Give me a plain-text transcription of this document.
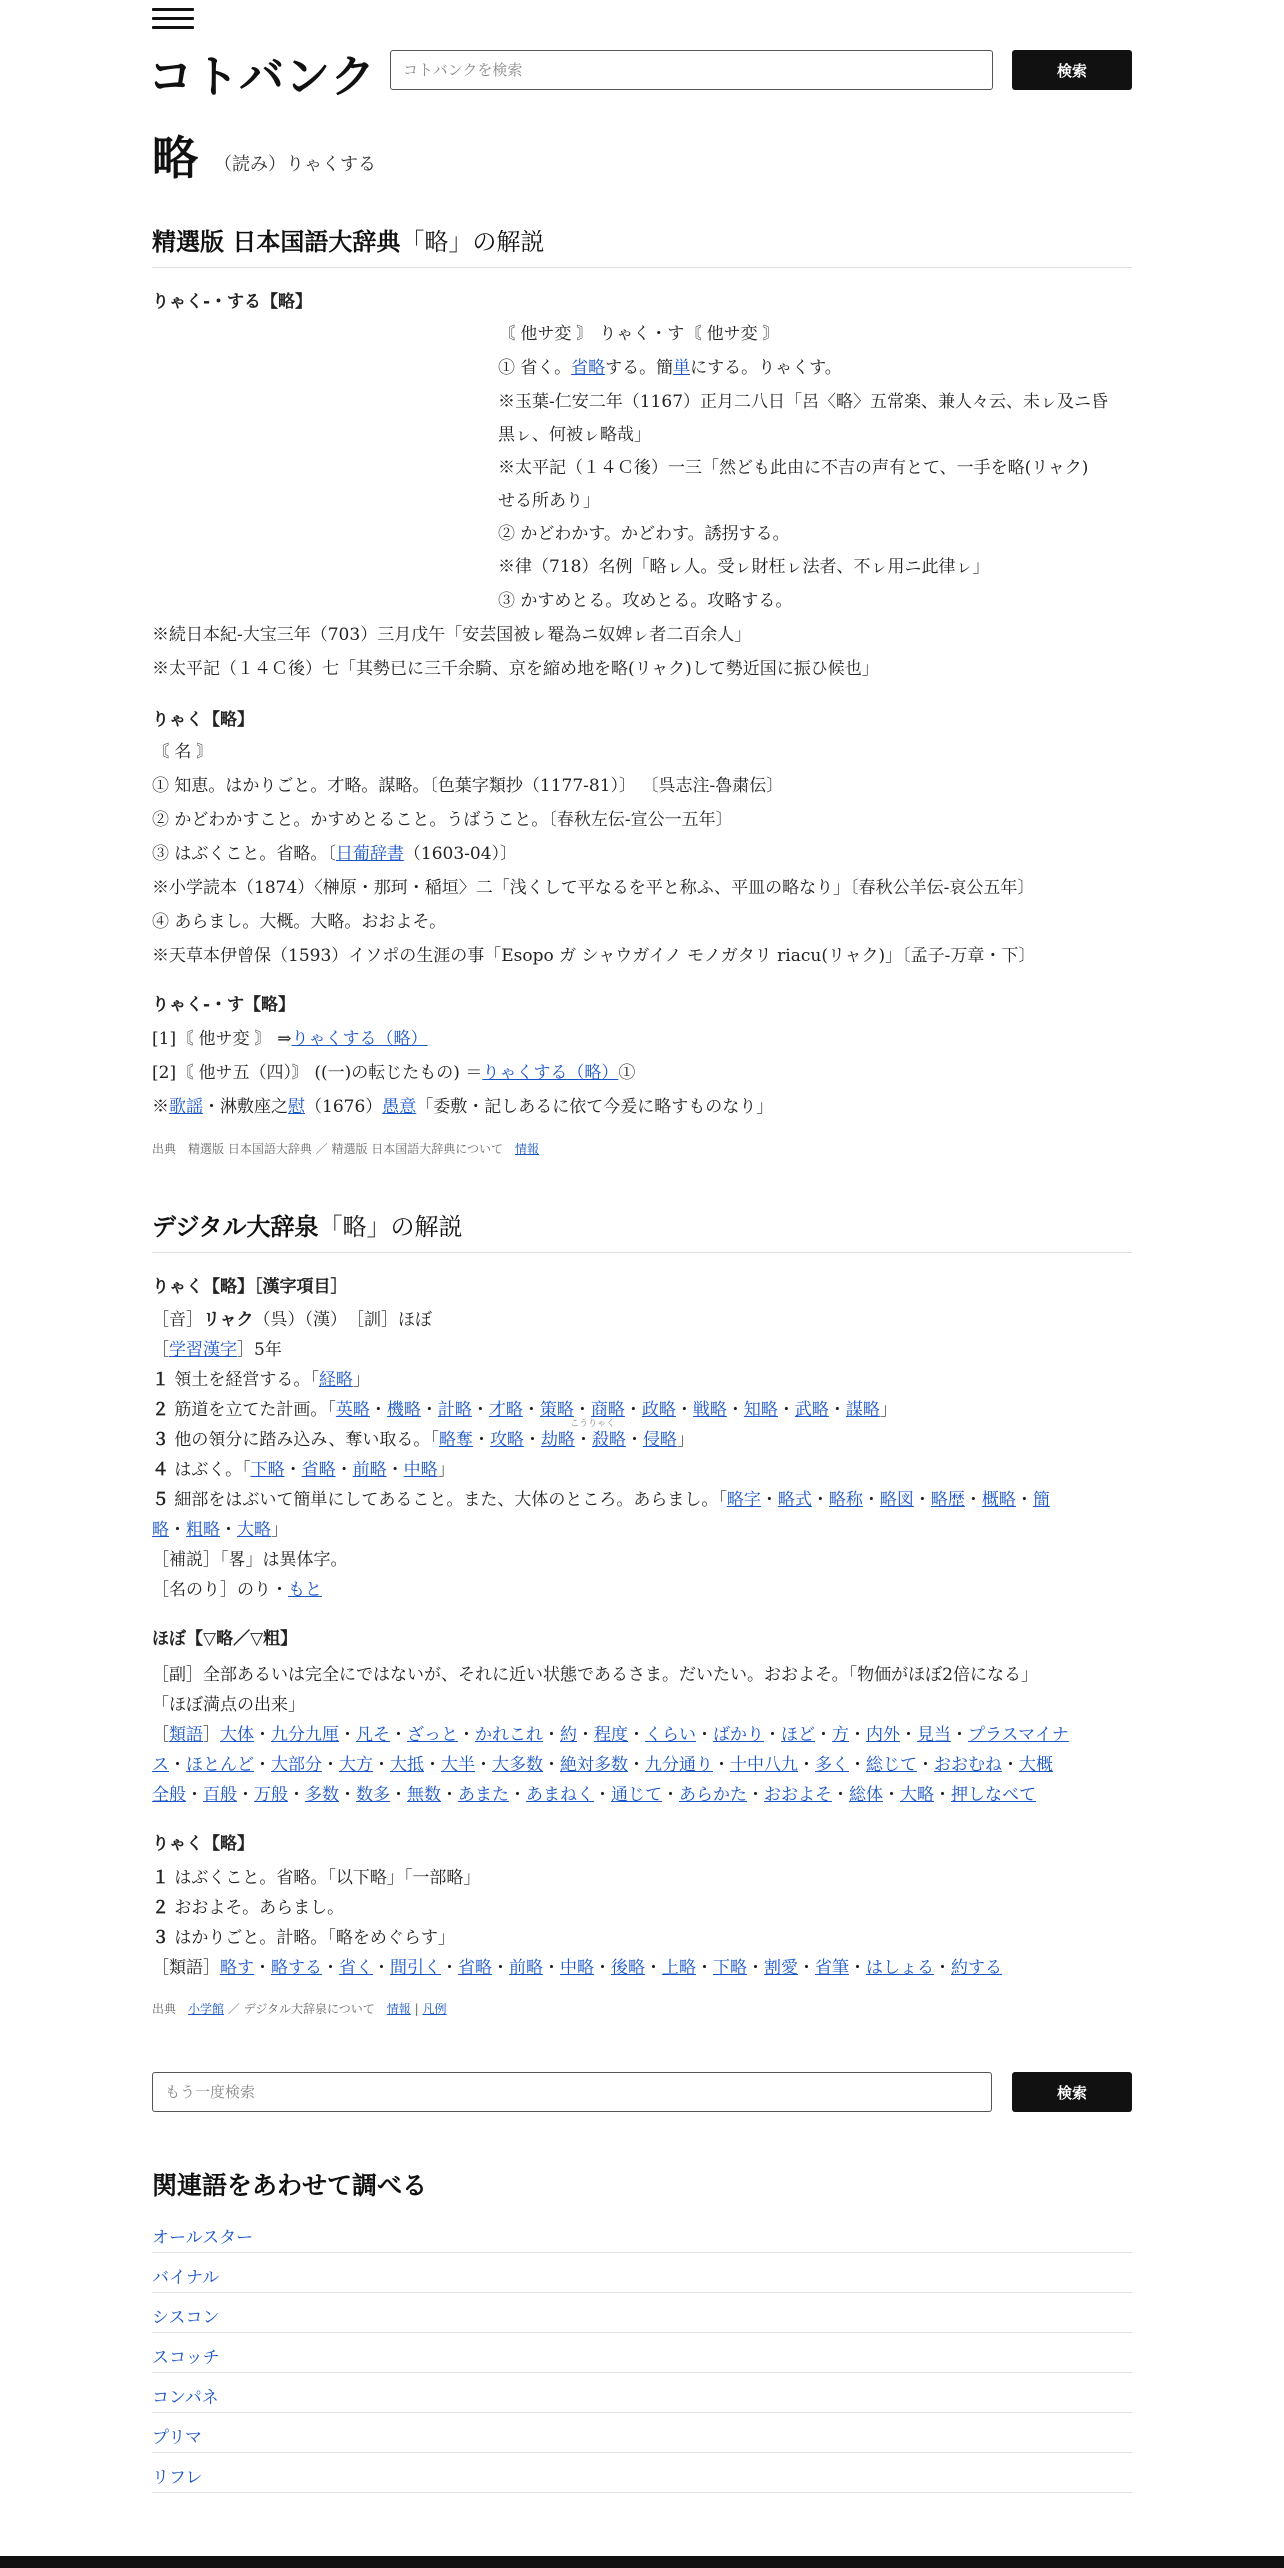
コトバンク
コトバンクを検索	検索
略 （読み）りゃくする
精選版 日本国語大辞典「略」の解説
りゃく‐・する【略】
〘 他サ変 〙 りゃく・す〘 他サ変 〙
① 省く。省略する。簡単にする。りゃくす。
※玉葉‐仁安二年（1167）正月二八日「呂〈略〉五常楽、兼人々云、未ㇾ及ニ昏
黒ㇾ、何被ㇾ略哉」
※太平記（１４Ｃ後）一三「然ども此由に不吉の声有とて、一手を略(リャク)
せる所あり」
② かどわかす。かどわす。誘拐する。
※律（718）名例「略ㇾ人。受ㇾ財枉ㇾ法者、不ㇾ用ニ此律ㇾ」
③ かすめとる。攻めとる。攻略する。
※続日本紀‐大宝三年（703）三月戊午「安芸国被ㇾ罨為ニ奴婢ㇾ者二百余人」
※太平記（１４Ｃ後）七「其勢已に三千余騎、京を縮め地を略(リャク)して勢近国に振ひ候也」
りゃく【略】
〘 名 〙
① 知恵。はかりごと。才略。謀略。〔色葉字類抄（1177‐81）〕 〔呉志注‐魯粛伝〕
② かどわかすこと。かすめとること。うばうこと。〔春秋左伝‐宣公一五年〕
③ はぶくこと。省略。〔日葡辞書（1603‐04）〕
※小学読本（1874）〈榊原・那珂・稲垣〉二「浅くして平なるを平と称ふ、平皿の略なり」〔春秋公羊伝‐哀公五年〕
④ あらまし。大概。大略。おおよそ。
※天草本伊曾保（1593）イソポの生涯の事「Esopo ガ シャウガイノ モノガタリ riacu(リャク)」〔孟子‐万章・下〕
りゃく‐・す【略】
[1]〘 他サ変 〙 ⇒りゃくする（略）
[2]〘 他サ五（四）〙 ((一)の転じたもの) ＝りゃくする（略）①
※歌謡・淋敷座之慰（1676）愚意「委敷・記しあるに依て今爰に略すものなり」
出典　精選版 日本国語大辞典 ／ 精選版 日本国語大辞典について　 情報
デジタル大辞泉「略」の解説
りゃく【略】［漢字項目］
［音］リャク（呉）（漢）　［訓］ほぼ
［学習漢字］5年
１ 領土を経営する。「経略」
２ 筋道を立てた計画。「英略・機略・計略・才略・策略・商略・政略・戦略・知略・武略・謀略」
３ 他の領分に踏み込み、奪い取る。「略奪・攻略・劫略・殺略・侵略」
こうりゃく
４ はぶく。「下略・省略・前略・中略」
５ 細部をはぶいて簡単にしてあること。また、大体のところ。あらまし。「略字・略式・略称・略図・略歴・概略・簡
略・粗略・大略」
［補説］「畧」は異体字。
［名のり］のり・もと
ほぼ【▽略／▽粗】
［副］全部あるいは完全にではないが、それに近い状態であるさま。だいたい。おおよそ。「物価がほぼ2倍になる」
「ほぼ満点の出来」
［類語］大体・九分九厘・凡そ・ざっと・かれこれ・約・程度・くらい・ばかり・ほど・方・内外・見当・プラスマイナ
ス・ほとんど・大部分・大方・大抵・大半・大多数・絶対多数・九分通り・十中八九・多く・総じて・おおむね・大概
全般・百般・万般・多数・数多・無数・あまた・あまねく・通じて・あらかた・おおよそ・総体・大略・押しなべて
りゃく【略】
１ はぶくこと。省略。「以下略」「一部略」
２ おおよそ。あらまし。
３ はかりごと。計略。「略をめぐらす」
［類語］略す・略する・省く・間引く・省略・前略・中略・後略・上略・下略・割愛・省筆・はしょる・約する
出典　 小学館 ／ デジタル大辞泉について　 情報 | 凡例
もう一度検索
検索
関連語をあわせて調べる
オールスター
バイナル
シスコン
スコッチ
コンパネ
プリマ
リフレ
